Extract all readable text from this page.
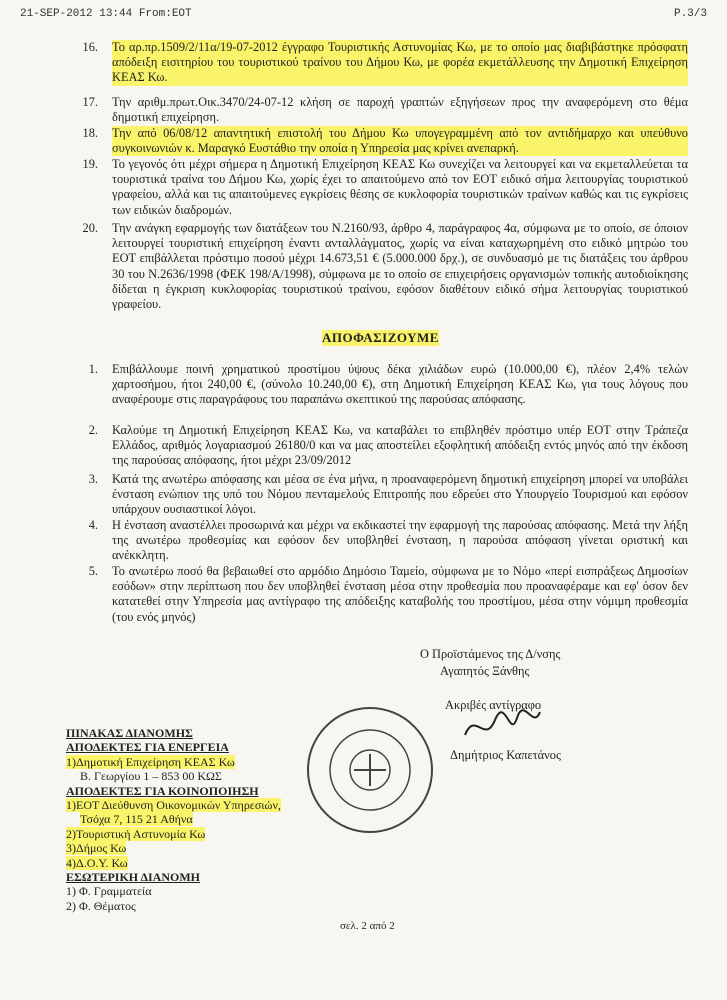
21-SEP-2012 13:44 From:EOT	P.3/3
16. Το αρ.πρ.1509/2/11α/19-07-2012 έγγραφο Τουριστικής Αστυνομίας Κω, με το οποίο μας διαβιβάστηκε πρόσφατη απόδειξη εισιτηρίου του τουριστικού τραίνου του Δήμου Κω, με φορέα εκμετάλλευσης την Δημοτική Επιχείρηση ΚΕΑΣ Κω.
17. Την αριθμ.πρωτ.Οικ.3470/24-07-12 κλήση σε παροχή γραπτών εξηγήσεων προς την αναφερόμενη στο θέμα δημοτική επιχείρηση.
18. Την από 06/08/12 απαντητική επιστολή του Δήμου Κω υπογεγραμμένη από τον αντιδήμαρχο και υπεύθυνο συγκοινωνιών κ. Μαραγκό Ευστάθιο την οποία η Υπηρεσία μας κρίνει ανεπαρκή.
19. Το γεγονός ότι μέχρι σήμερα η Δημοτική Επιχείρηση ΚΕΑΣ Κω συνεχίζει να λειτουργεί και να εκμεταλλεύεται τα τουριστικά τραίνα του Δήμου Κω, χωρίς έχει το απαιτούμενο από τον ΕΟΤ ειδικό σήμα λειτουργίας τουριστικού γραφείου, αλλά και τις απαιτούμενες εγκρίσεις θέσης σε κυκλοφορία τουριστικών τραίνων καθώς και τις εγκρίσεις των ειδικών διαδρομών.
20. Την ανάγκη εφαρμογής των διατάξεων του Ν.2160/93, άρθρο 4, παράγραφος 4α, σύμφωνα με το οποίο, σε όποιον λειτουργεί τουριστική επιχείρηση έναντι ανταλλάγματος, χωρίς να είναι καταχωρημένη στο ειδικό μητρώο του ΕΟΤ επιβάλλεται πρόστιμο ποσού μέχρι 14.673,51 € (5.000.000 δρχ.), σε συνδυασμό με τις διατάξεις του άρθρου 30 του Ν.2636/1998 (ΦΕΚ 198/Α/1998), σύμφωνα με το οποίο σε επιχειρήσεις οργανισμών τοπικής αυτοδιοίκησης δίδεται η έγκριση κυκλοφορίας τουριστικού τραίνου, εφόσον διαθέτουν ειδικό σήμα λειτουργίας τουριστικού γραφείου.
ΑΠΟΦΑΣΙΖΟΥΜΕ
1. Επιβάλλουμε ποινή χρηματικού προστίμου ύψους δέκα χιλιάδων ευρώ (10.000,00 €), πλέον 2,4% τελών χαρτοσήμου, ήτοι 240,00 €, (σύνολο 10.240,00 €), στη Δημοτική Επιχείρηση ΚΕΑΣ Κω, για τους λόγους που αναφέρουμε στις παραγράφους του παραπάνω σκεπτικού της παρούσας απόφασης.
2. Καλούμε τη Δημοτική Επιχείρηση ΚΕΑΣ Κω, να καταβάλει το επιβληθέν πρόστιμο υπέρ ΕΟΤ στην Τράπεζα Ελλάδος, αριθμός λογαριασμού 26180/0 και να μας αποστείλει εξοφλητική απόδειξη εντός μηνός από την έκδοση της παρούσας απόφασης, ήτοι μέχρι 23/09/2012
3. Κατά της ανωτέρω απόφασης και μέσα σε ένα μήνα, η προαναφερόμενη δημοτική επιχείρηση μπορεί να υποβάλει ένσταση ενώπιον της υπό του Νόμου πενταμελούς Επιτροπής που εδρεύει στο Υπουργείο Τουρισμού και εφόσον υπάρχουν ουσιαστικοί λόγοι.
4. Η ένσταση αναστέλλει προσωρινά και μέχρι να εκδικαστεί την εφαρμογή της παρούσας απόφασης. Μετά την λήξη της ανωτέρω προθεσμίας και εφόσον δεν υποβληθεί ένσταση, η παρούσα απόφαση γίνεται οριστική και ανέκκλητη.
5. Το ανωτέρω ποσό θα βεβαιωθεί στο αρμόδιο Δημόσιο Ταμείο, σύμφωνα με το Νόμο «περί εισπράξεως Δημοσίων εσόδων» στην περίπτωση που δεν υποβληθεί ένσταση μέσα στην προθεσμία που προαναφέραμε και εφ' όσον δεν κατατεθεί στην Υπηρεσία μας αντίγραφο της απόδειξης καταβολής του προστίμου, μέσα στην νόμιμη προθεσμία (του ενός μηνός)
Ο Προϊστάμενος της Δ/νσης
Αγαπητός Ξάνθης
Ακριβές αντίγραφο
Δημήτριος Καπετάνος
ΠΙΝΑΚΑΣ ΔΙΑΝΟΜΗΣ
ΑΠΟΔΕΚΤΕΣ ΓΙΑ ΕΝΕΡΓΕΙΑ
1)Δημοτική Επιχείρηση ΚΕΑΣ Κω
Β. Γεωργίου 1 – 853 00 ΚΩΣ
ΑΠΟΔΕΚΤΕΣ ΓΙΑ ΚΟΙΝΟΠΟΙΗΣΗ
1)ΕΟΤ Διεύθυνση Οικονομικών Υπηρεσιών,
Τσόχα 7, 115 21 Αθήνα
2)Τουριστική Αστυνομία Κω
3)Δήμος Κω
4)Δ.Ο.Υ. Κω
ΕΣΩΤΕΡΙΚΗ ΔΙΑΝΟΜΗ
1) Φ. Γραμματεία
2) Φ. Θέματος
σελ. 2 από 2
